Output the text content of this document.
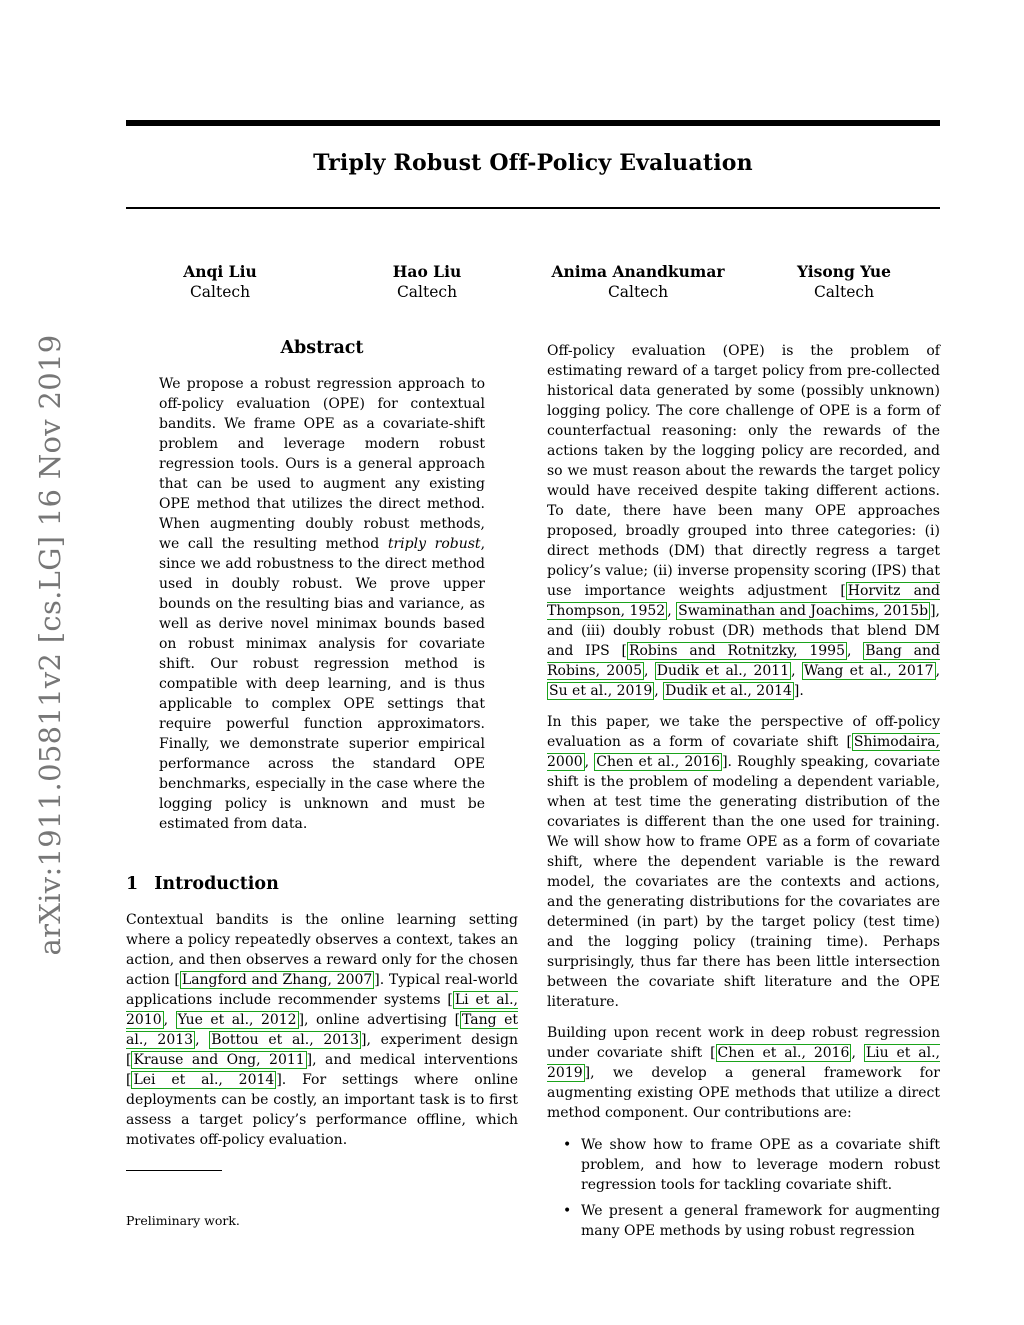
Triply Robust Off-Policy Evaluation
Anqi Liu
Caltech
Hao Liu
Caltech
Anima Anandkumar
Caltech
Yisong Yue
Caltech
arXiv:1911.05811v2 [cs.LG] 16 Nov 2019	Abstract
We propose a robust regression approach to off-policy evaluation (OPE) for contextual bandits. We frame OPE as a covariate-shift problem and leverage modern robust regression tools. Ours is a general approach that can be used to augment any existing OPE method that utilizes the direct method. When augmenting doubly robust methods, we call the resulting method triply robust, since we add robustness to the direct method used in doubly robust. We prove upper bounds on the resulting bias and variance, as well as derive novel minimax bounds based on robust minimax analysis for covariate shift. Our robust regression method is compatible with deep learning, and is thus applicable to complex OPE settings that require powerful function approximators. Finally, we demonstrate superior empirical performance across the standard OPE benchmarks, especially in the case where the logging policy is unknown and must be estimated from data.
1 Introduction

Contextual bandits is the online learning setting where a policy repeatedly observes a context, takes an action, and then observes a reward only for the chosen action [ Langford and Zhang, 2007 ]. Typical real-world applications include recommender systems [ Li et al., 2010 , Yue et al., 2012 ], online advertising [ Tang et al., 2013 , Bottou et al., 2013 ], experiment design [ Krause and Ong, 2011 ], and medical interventions [ Lei et al., 2014 ]. For settings where online deployments can be costly, an important task is to first assess a target policy’s performance offline, which motivates off-policy evaluation.

Preliminary work.

Off-policy evaluation (OPE) is the problem of estimating reward of a target policy from pre-collected historical data generated by some (possibly unknown) logging policy. The core challenge of OPE is a form of counterfactual reasoning: only the rewards of the actions taken by the logging policy are recorded, and so we must reason about the rewards the target policy would have received despite taking different actions. To date, there have been many OPE approaches proposed, broadly grouped into three categories: (i) direct methods (DM) that directly regress a target policy’s value; (ii) inverse propensity scoring (IPS) that use importance weights adjustment [ Horvitz and Thompson, 1952 , Swaminathan and Joachims, 2015b ], and (iii) doubly robust (DR) methods that blend DM and IPS [ Robins and Rotnitzky, 1995 , Bang and Robins, 2005 , Dudik et al., 2011 , Wang et al., 2017 , Su et al., 2019 , Dudik et al., 2014 ].

In this paper, we take the perspective of off-policy evaluation as a form of covariate shift [ Shimodaira, 2000 , Chen et al., 2016 ]. Roughly speaking, covariate shift is the problem of modeling a dependent variable, when at test time the generating distribution of the covariates is different than the one used for training. We will show how to frame OPE as a form of covariate shift, where the dependent variable is the reward model, the covariates are the contexts and actions, and the generating distributions for the covariates are determined (in part) by the target policy (test time) and the logging policy (training time). Perhaps surprisingly, thus far there has been little intersection between the covariate shift literature and the OPE literature.

Building upon recent work in deep robust regression under covariate shift [ Chen et al., 2016 , Liu et al., 2019 ], we develop a general framework for augmenting existing OPE methods that utilize a direct method component. Our contributions are:

• We show how to frame OPE as a covariate shift problem, and how to leverage modern robust regression tools for tackling covariate shift.
• We present a general framework for augmenting many OPE methods by using robust regression
